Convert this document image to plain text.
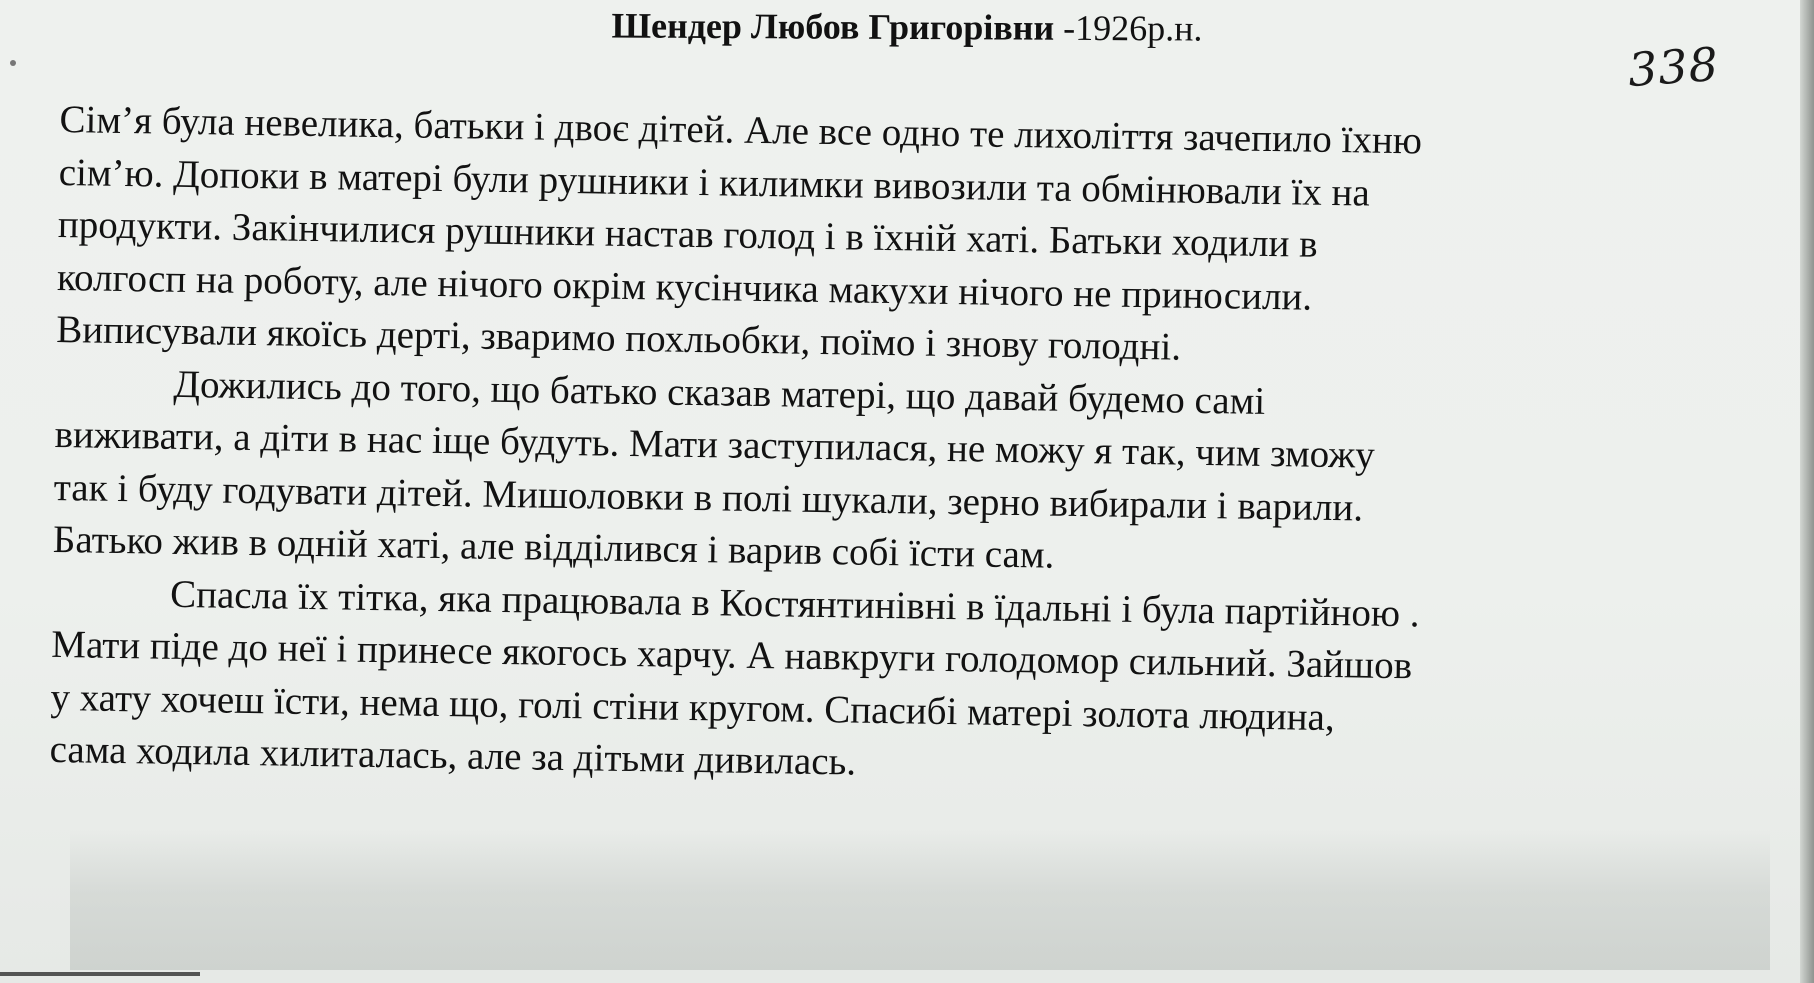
Шендер Любов Григорівни -1926р.н.
338
Сім’я була невелика, батьки і двоє дітей. Але все одно те лихоліття зачепило їхню
сім’ю. Допоки в матері були рушники і килимки вивозили та обмінювали їх на
продукти. Закінчилися рушники настав голод і в їхній хаті. Батьки ходили в
колгосп на роботу, але нічого окрім кусінчика макухи нічого не приносили.
Виписували якоїсь дерті, зваримо похльобки, поїмо і знову голодні.
Дожились до того, що батько сказав матері, що давай будемо самі
виживати, а діти в нас іще будуть. Мати заступилася, не можу я так, чим зможу
так і буду годувати дітей. Мишоловки в полі шукали, зерно вибирали і варили.
Батько жив в одній хаті, але відділився і варив собі їсти сам.
Спасла їх тітка, яка працювала в Костянтинівні в їдальні і була партійною .
Мати піде до неї і принесе якогось харчу. А навкруги голодомор сильний. Зайшов
у хату хочеш їсти, нема що, голі стіни кругом. Спасибі матері золота людина,
сама ходила хилиталась, але за дітьми дивилась.
